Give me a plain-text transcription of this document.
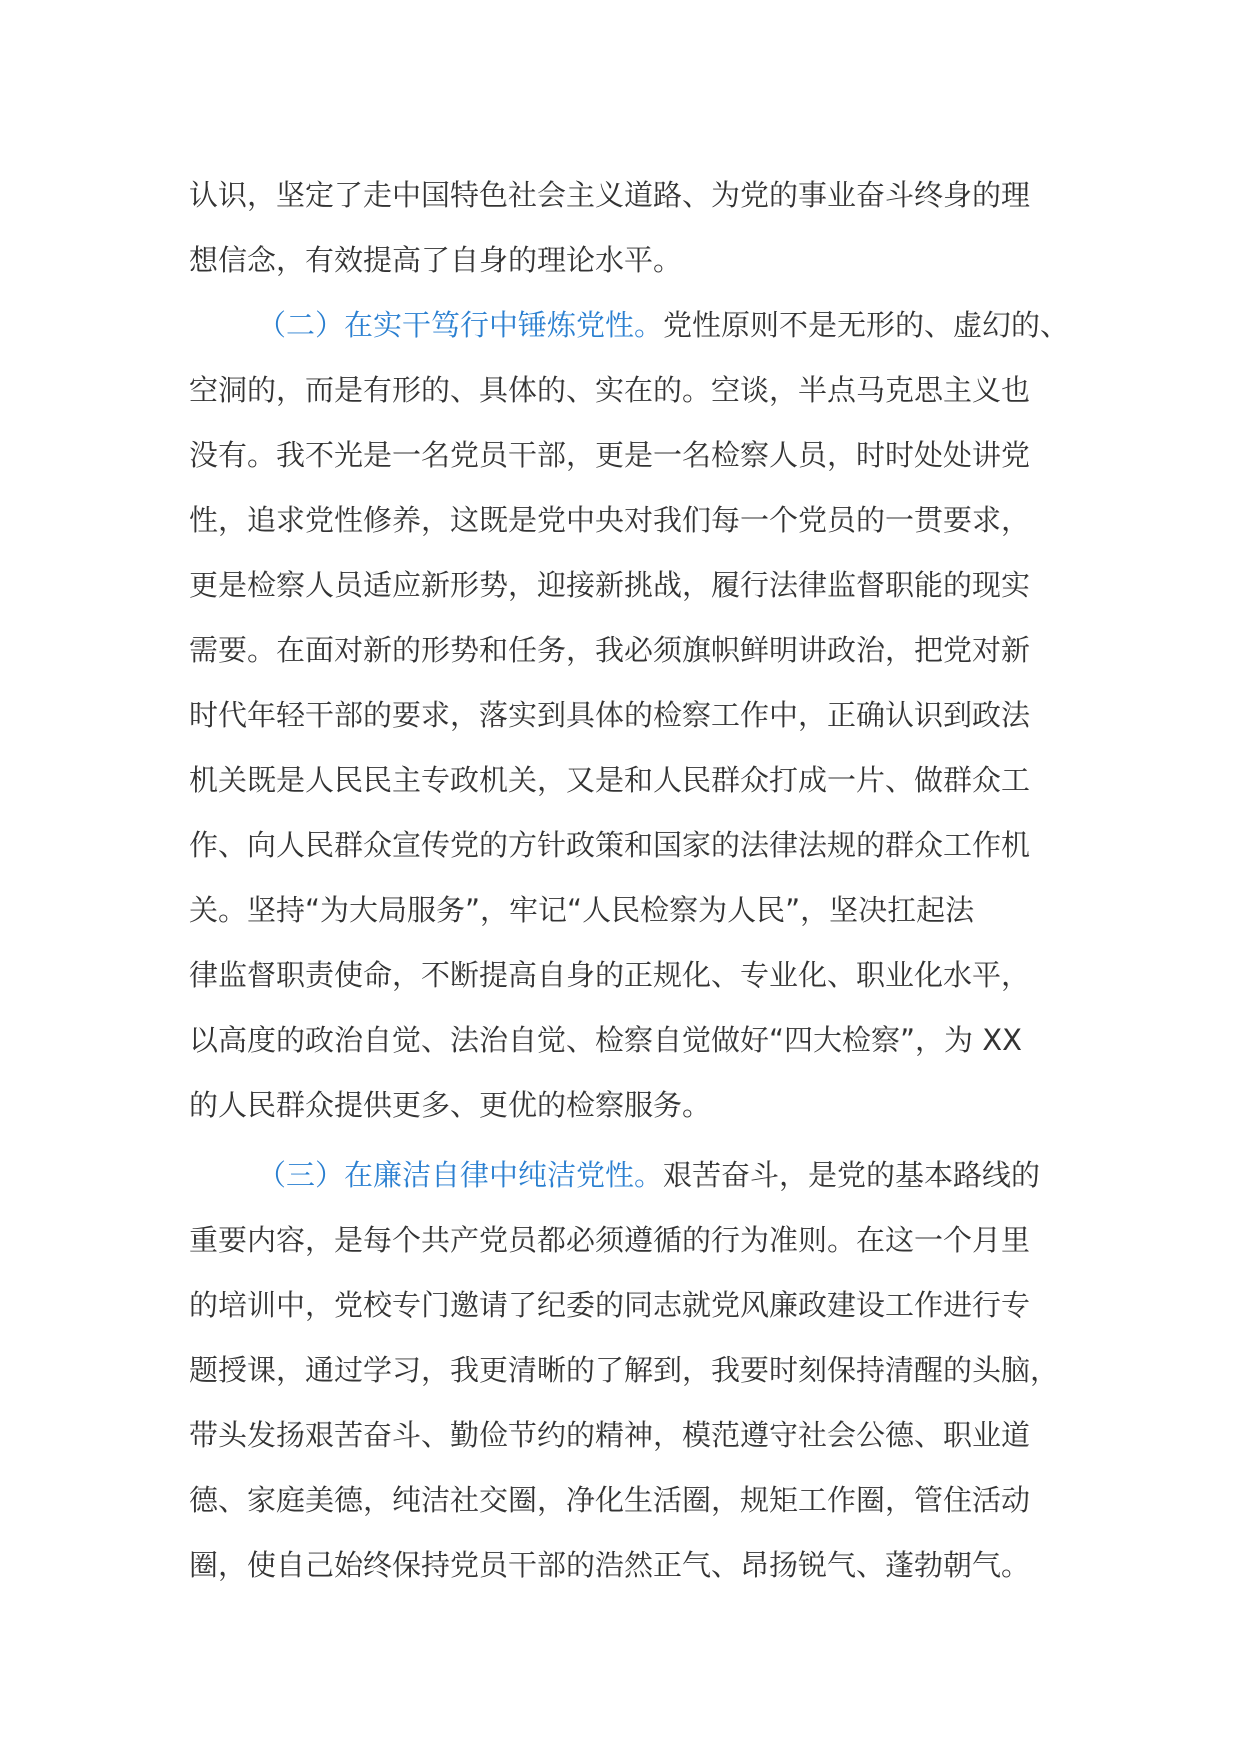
认识，坚定了走中国特色社会主义道路、为党的事业奋斗终身的理
想信念，有效提高了自身的理论水平。
（二）在实干笃行中锤炼党性。党性原则不是无形的、虚幻的、
空洞的，而是有形的、具体的、实在的。空谈，半点马克思主义也
没有。我不光是一名党员干部，更是一名检察人员，时时处处讲党
性，追求党性修养，这既是党中央对我们每一个党员的一贯要求，
更是检察人员适应新形势，迎接新挑战，履行法律监督职能的现实
需要。在面对新的形势和任务，我必须旗帜鲜明讲政治，把党对新
时代年轻干部的要求，落实到具体的检察工作中，正确认识到政法
机关既是人民民主专政机关，又是和人民群众打成一片、做群众工
作、向人民群众宣传党的方针政策和国家的法律法规的群众工作机
关。坚持“为大局服务”，牢记“人民检察为人民”，坚决扛起法
律监督职责使命，不断提高自身的正规化、专业化、职业化水平，
以高度的政治自觉、法治自觉、检察自觉做好“四大检察”，为 XX
的人民群众提供更多、更优的检察服务。
（三）在廉洁自律中纯洁党性。艰苦奋斗，是党的基本路线的
重要内容，是每个共产党员都必须遵循的行为准则。在这一个月里
的培训中，党校专门邀请了纪委的同志就党风廉政建设工作进行专
题授课，通过学习，我更清晰的了解到，我要时刻保持清醒的头脑，
带头发扬艰苦奋斗、勤俭节约的精神，模范遵守社会公德、职业道
德、家庭美德，纯洁社交圈，净化生活圈，规矩工作圈，管住活动
圈，使自己始终保持党员干部的浩然正气、昂扬锐气、蓬勃朝气。
